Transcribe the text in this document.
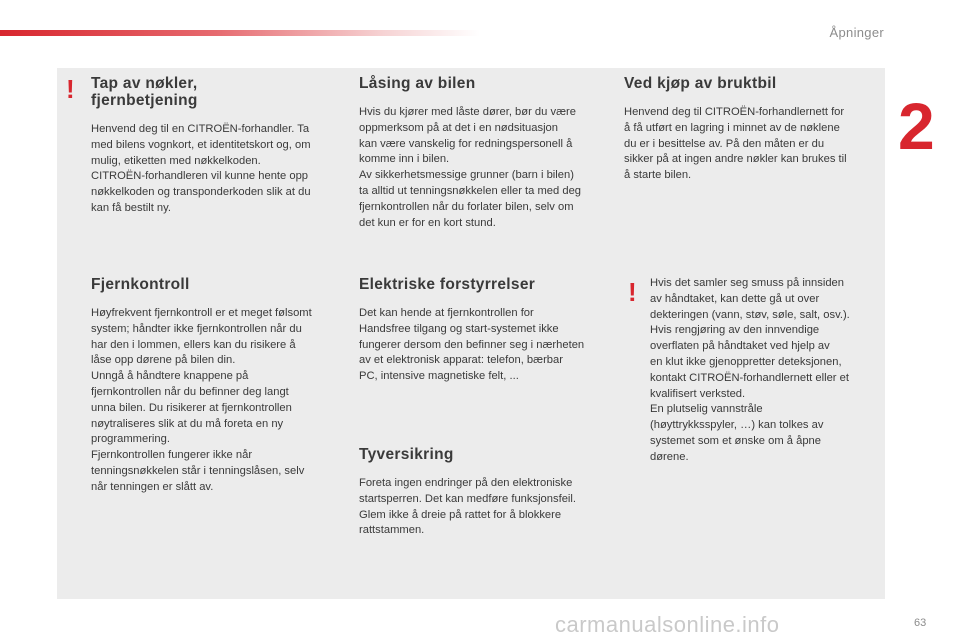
Åpninger
2
! Tap av nøkler,
fjernbetjening

Henvend deg til en CITROËN-forhandler. Ta
med bilens vognkort, et identitetskort og, om
mulig, etiketten med nøkkelkoden.
CITROËN-forhandleren vil kunne hente opp
nøkkelkoden og transponderkoden slik at du
kan få bestilt ny.

Fjernkontroll

Høyfrekvent fjernkontroll er et meget følsomt
system; håndter ikke fjernkontrollen når du
har den i lommen, ellers kan du risikere å
låse opp dørene på bilen din.
Unngå å håndtere knappene på
fjernkontrollen når du befinner deg langt
unna bilen. Du risikerer at fjernkontrollen
nøytraliseres slik at du må foreta en ny
programmering.
Fjernkontrollen fungerer ikke når
tenningsnøkkelen står i tenningslåsen, selv
når tenningen er slått av.

Låsing av bilen

Hvis du kjører med låste dører, bør du være
oppmerksom på at det i en nødsituasjon
kan være vanskelig for redningspersonell å
komme inn i bilen.
Av sikkerhetsmessige grunner (barn i bilen)
ta alltid ut tenningsnøkkelen eller ta med deg
fjernkontrollen når du forlater bilen, selv om
det kun er for en kort stund.

Elektriske forstyrrelser

Det kan hende at fjernkontrollen for
Handsfree tilgang og start-systemet ikke
fungerer dersom den befinner seg i nærheten
av et elektronisk apparat: telefon, bærbar
PC, intensive magnetiske felt, ...

Tyversikring

Foreta ingen endringer på den elektroniske
startsperren. Det kan medføre funksjonsfeil.
Glem ikke å dreie på rattet for å blokkere
rattstammen.

Ved kjøp av bruktbil

Henvend deg til CITROËN-forhandlernett for
å få utført en lagring i minnet av de nøklene
du er i besittelse av. På den måten er du
sikker på at ingen andre nøkler kan brukes til
å starte bilen.

! Hvis det samler seg smuss på innsiden
av håndtaket, kan dette gå ut over
dekteringen (vann, støv, søle, salt, osv.).
Hvis rengjøring av den innvendige
overflaten på håndtaket ved hjelp av
en klut ikke gjenoppretter deteksjonen,
kontakt CITROËN-forhandlernett eller et
kvalifisert verksted.
En plutselig vannstråle
(høyttrykksspyler, …) kan tolkes av
systemet som et ønske om å åpne
dørene.

63
carmanualsonline.info
